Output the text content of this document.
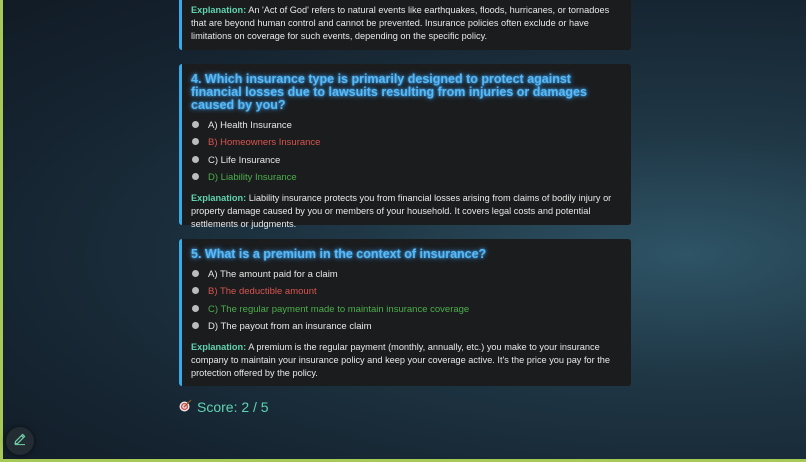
Explanation: An 'Act of God' refers to natural events like earthquakes, floods, hurricanes, or tornadoes that are beyond human control and cannot be prevented. Insurance policies often exclude or have limitations on coverage for such events, depending on the specific policy.

4. Which insurance type is primarily designed to protect against financial losses due to lawsuits resulting from injuries or damages caused by you?

A) Health Insurance
B) Homeowners Insurance
C) Life Insurance
D) Liability Insurance

Explanation: Liability insurance protects you from financial losses arising from claims of bodily injury or property damage caused by you or members of your household. It covers legal costs and potential settlements or judgments.

5. What is a premium in the context of insurance?

A) The amount paid for a claim
B) The deductible amount
C) The regular payment made to maintain insurance coverage
D) The payout from an insurance claim

Explanation: A premium is the regular payment (monthly, annually, etc.) you make to your insurance company to maintain your insurance policy and keep your coverage active. It's the price you pay for the protection offered by the policy.

Score: 2 / 5
